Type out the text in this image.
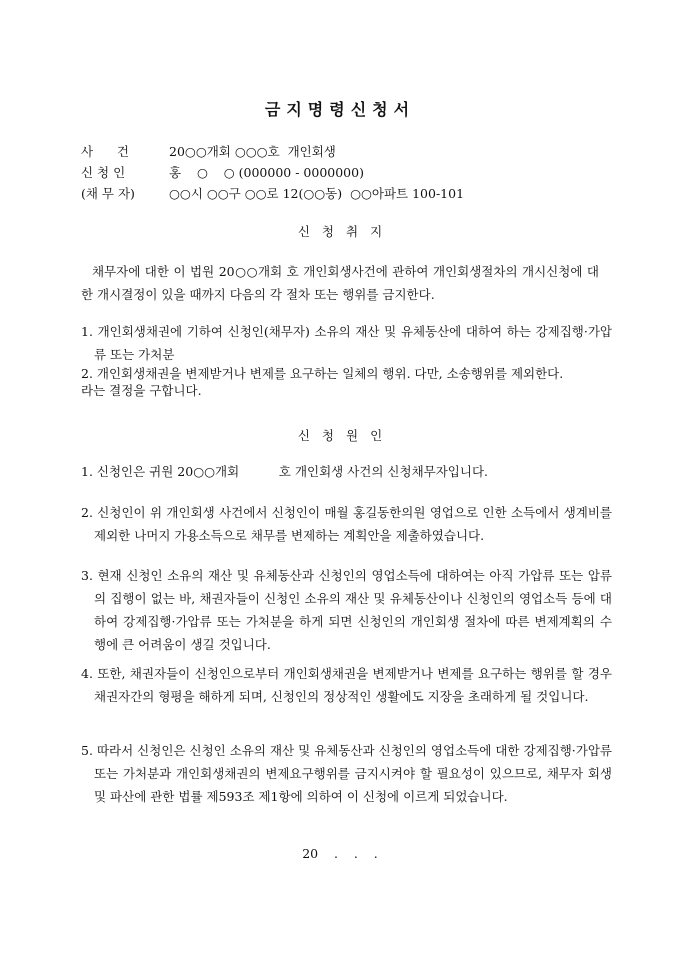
금지명령신청서
사      건	20○○개회 ○○○호  개인회생
신 청 인	홍    ○    ○ (000000 - 0000000)
(채 무 자)	○○시 ○○구 ○○로 12(○○동)  ○○아파트 100-101
신청취지
채무자에 대한 이 법원 20○○개회 호 개인회생사건에 관하여 개인회생절차의 개시신청에 대한 개시결정이 있을 때까지 다음의 각 절차 또는 행위를 금지한다.
1. 개인회생채권에 기하여 신청인(채무자) 소유의 재산 및 유체동산에 대하여 하는 강제집행·가압류 또는 가처분
2. 개인회생채권을 변제받거나 변제를 요구하는 일체의 행위. 다만, 소송행위를 제외한다.
라는 결정을 구합니다.
신청원인
1. 신청인은 귀원 20○○개회          호 개인회생 사건의 신청채무자입니다.
2. 신청인이 위 개인회생 사건에서 신청인이 매월 홍길동한의원 영업으로 인한 소득에서 생계비를 제외한 나머지 가용소득으로 채무를 변제하는 계획안을 제출하였습니다.
3. 현재 신청인 소유의 재산 및 유체동산과 신청인의 영업소득에 대하여는 아직 가압류 또는 압류의 집행이 없는 바, 채권자들이 신청인 소유의 재산 및 유체동산이나 신청인의 영업소득 등에 대하여 강제집행·가압류 또는 가처분을 하게 되면 신청인의 개인회생 절차에 따른 변제계획의 수행에 큰 어려움이 생길 것입니다.
4. 또한, 채권자들이 신청인으로부터 개인회생채권을 변제받거나 변제를 요구하는 행위를 할 경우 채권자간의 형평을 해하게 되며, 신청인의 정상적인 생활에도 지장을 초래하게 될 것입니다.
5. 따라서 신청인은 신청인 소유의 재산 및 유체동산과 신청인의 영업소득에 대한 강제집행·가압류 또는 가처분과 개인회생채권의 변제요구행위를 금지시켜야 할 필요성이 있으므로, 채무자 회생 및 파산에 관한 법률 제593조 제1항에 의하여 이 신청에 이르게 되었습니다.
20    .    .    .
